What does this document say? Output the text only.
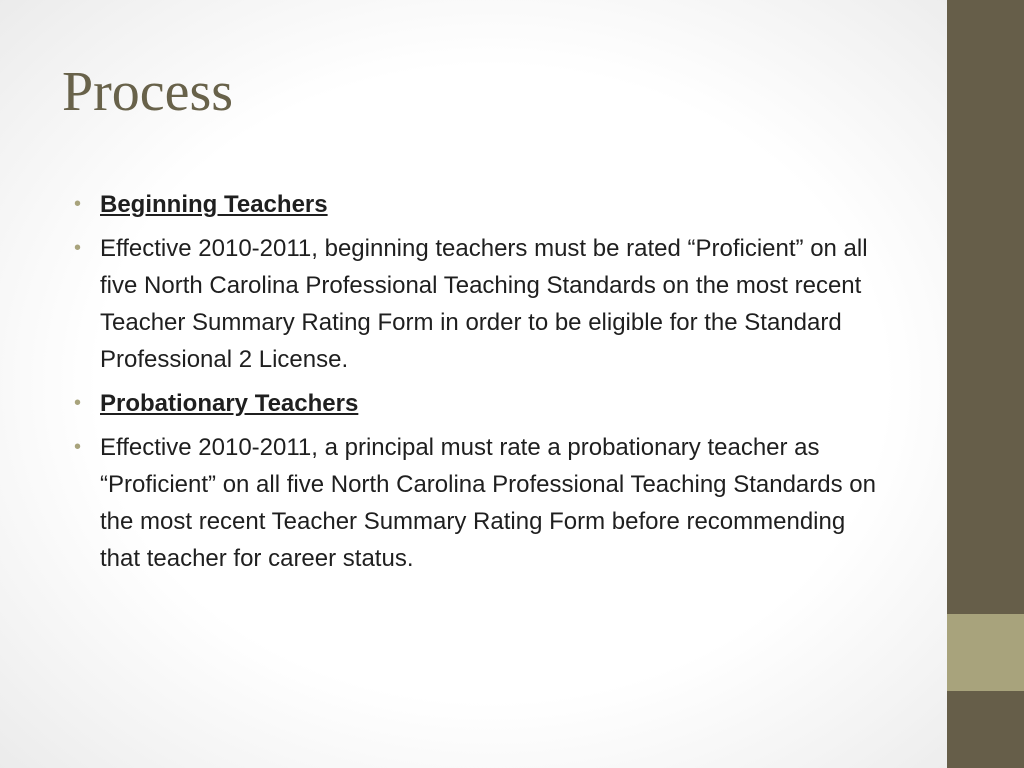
Process
• Beginning Teachers
• Effective 2010-2011, beginning teachers must be rated “Proficient” on all five North Carolina Professional Teaching Standards on the most recent Teacher Summary Rating Form in order to be eligible for the Standard Professional 2 License.
• Probationary Teachers
• Effective 2010-2011, a principal must rate a probationary teacher as “Proficient” on all five North Carolina Professional Teaching Standards on the most recent Teacher Summary Rating Form before recommending that teacher for career status.
